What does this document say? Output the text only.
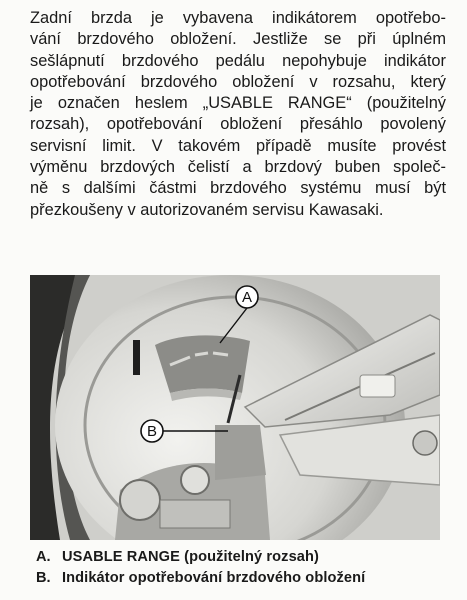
Zadní brzda je vybavena indikátorem opotřebo-
vání brzdového obložení. Jestliže se při úplném
sešlápnutí brzdového pedálu nepohybuje indikátor
opotřebování brzdového obložení v rozsahu, který
je označen heslem „USABLE RANGE“ (použitelný
rozsah), opotřebování obložení přesáhlo povolený
servisní limit. V takovém případě musíte provést
výměnu brzdových čelistí a brzdový buben společ-
ně s dalšími částmi brzdového systému musí být
přezkoušeny v autorizovaném servisu Kawasaki.

A
B
A. USABLE RANGE (použitelný rozsah)
B. Indikátor opotřebování brzdového obložení
